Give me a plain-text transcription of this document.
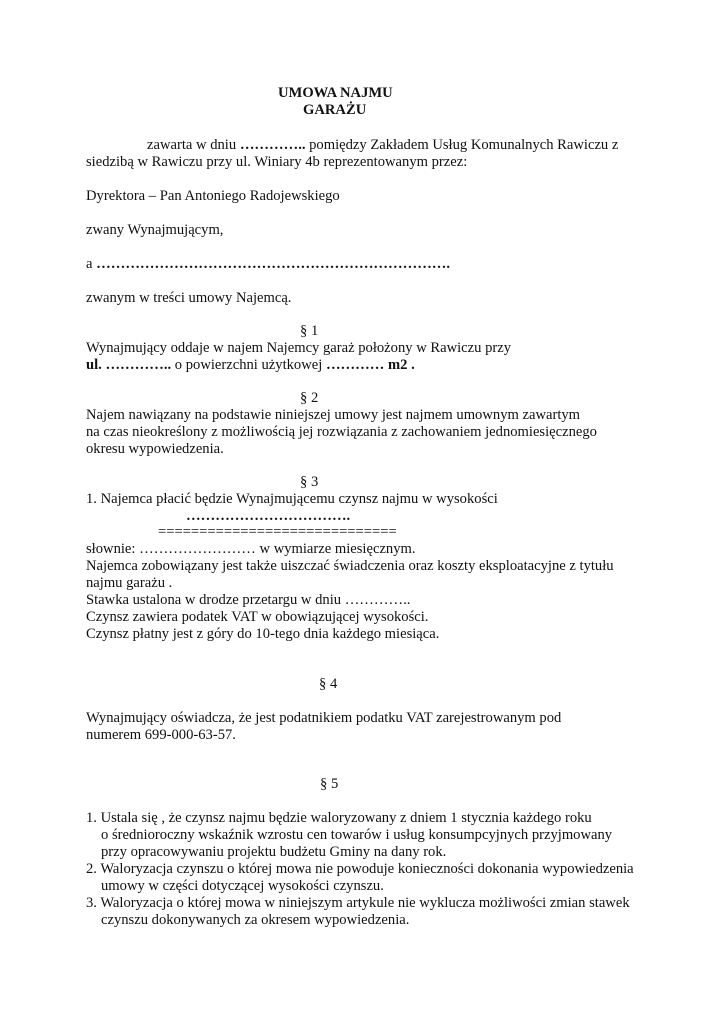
UMOWA NAJMU
GARAŻU
zawarta w dniu ………….. pomiędzy Zakładem Usług Komunalnych Rawiczu z
siedzibą w Rawiczu przy ul. Winiary 4b reprezentowanym przez:
Dyrektora – Pan Antoniego Radojewskiego
zwany Wynajmującym,
a ……………………………………………………………….
zwanym w treści umowy Najemcą.
§ 1
Wynajmujący oddaje w najem Najemcy garaż położony w Rawiczu przy
ul. ………….. o powierzchni użytkowej ………… m2 .
§ 2
Najem nawiązany na podstawie niniejszej umowy jest najmem umownym zawartym
na czas nieokreślony z możliwością jej rozwiązania z zachowaniem jednomiesięcznego
okresu wypowiedzenia.
§ 3
1. Najemca płacić będzie Wynajmującemu czynsz najmu w wysokości
…………………………….
=============================
słownie: …………………… w wymiarze miesięcznym.
Najemca zobowiązany jest także uiszczać świadczenia oraz koszty eksploatacyjne z tytułu
najmu garażu .
Stawka ustalona w drodze przetargu w dniu …………..
Czynsz zawiera podatek VAT w obowiązującej wysokości.
Czynsz płatny jest z góry do 10-tego dnia każdego miesiąca.
§ 4
Wynajmujący oświadcza, że jest podatnikiem podatku VAT zarejestrowanym pod
numerem 699-000-63-57.
§ 5
1. Ustala się , że czynsz najmu będzie waloryzowany z dniem 1 stycznia każdego roku
o średnioroczny wskaźnik wzrostu cen towarów i usług konsumpcyjnych przyjmowany
przy opracowywaniu projektu budżetu Gminy na dany rok.
2. Waloryzacja czynszu o której mowa nie powoduje konieczności dokonania wypowiedzenia
umowy w części dotyczącej wysokości czynszu.
3. Waloryzacja o której mowa w niniejszym artykule nie wyklucza możliwości zmian stawek
czynszu dokonywanych za okresem wypowiedzenia.
